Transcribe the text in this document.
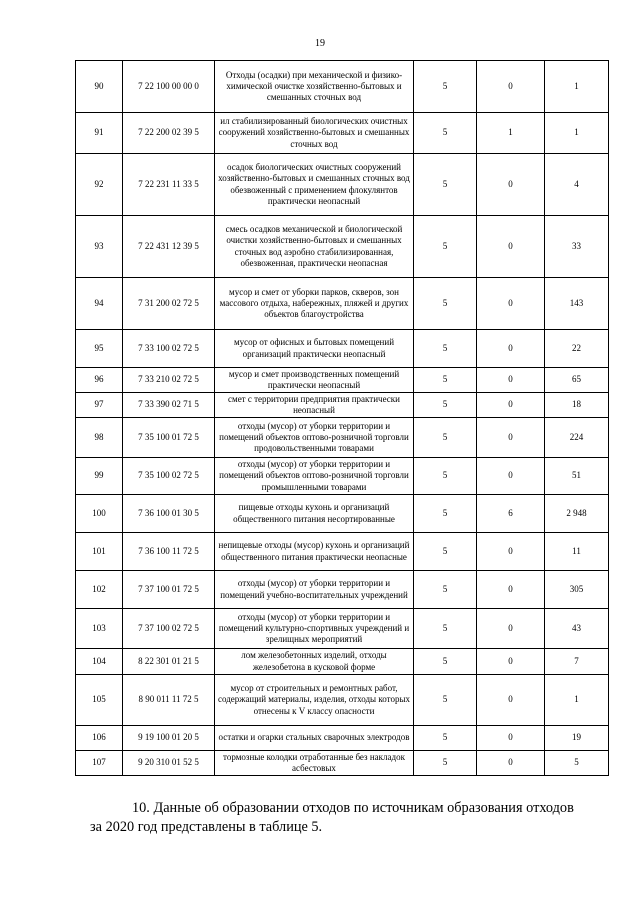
19
90	7 22 100 00 00 0	Отходы (осадки) при механической и физико-химической очистке хозяйственно-бытовых и смешанных сточных вод	5	0	1
91	7 22 200 02 39 5	ил стабилизированный биологических очистных сооружений хозяйственно-бытовых и смешанных сточных вод	5	1	1
92	7 22 231 11 33 5	осадок биологических очистных сооружений хозяйственно-бытовых и смешанных сточных вод обезвоженный с применением флокулянтов практически неопасный	5	0	4
93	7 22 431 12 39 5	смесь осадков механической и биологической очистки хозяйственно-бытовых и смешанных сточных вод аэробно стабилизированная, обезвоженная, практически неопасная	5	0	33
94	7 31 200 02 72 5	мусор и смет от уборки парков, скверов, зон массового отдыха, набережных, пляжей и других объектов благоустройства	5	0	143
95	7 33 100 02 72 5	мусор от офисных и бытовых помещений организаций практически неопасный	5	0	22
96	7 33 210 02 72 5	мусор и смет производственных помещений практически неопасный	5	0	65
97	7 33 390 02 71 5	смет с территории предприятия практически неопасный	5	0	18
98	7 35 100 01 72 5	отходы (мусор) от уборки территории и помещений объектов оптово-розничной торговли продовольственными товарами	5	0	224
99	7 35 100 02 72 5	отходы (мусор) от уборки территории и помещений объектов оптово-розничной торговли промышленными товарами	5	0	51
100	7 36 100 01 30 5	пищевые отходы кухонь и организаций общественного питания несортированные	5	6	2 948
101	7 36 100 11 72 5	непищевые отходы (мусор) кухонь и организаций общественного питания практически неопасные	5	0	11
102	7 37 100 01 72 5	отходы (мусор) от уборки территории и помещений учебно-воспитательных учреждений	5	0	305
103	7 37 100 02 72 5	отходы (мусор) от уборки территории и помещений культурно-спортивных учреждений и зрелищных мероприятий	5	0	43
104	8 22 301 01 21 5	лом железобетонных изделий, отходы железобетона в кусковой форме	5	0	7
105	8 90 011 11 72 5	мусор от строительных и ремонтных работ, содержащий материалы, изделия, отходы которых отнесены к V классу опасности	5	0	1
106	9 19 100 01 20 5	остатки и огарки стальных сварочных электродов	5	0	19
107	9 20 310 01 52 5	тормозные колодки отработанные без накладок асбестовых	5	0	5
10. Данные об образовании отходов по источникам образования отходов
за 2020 год представлены в таблице 5.
